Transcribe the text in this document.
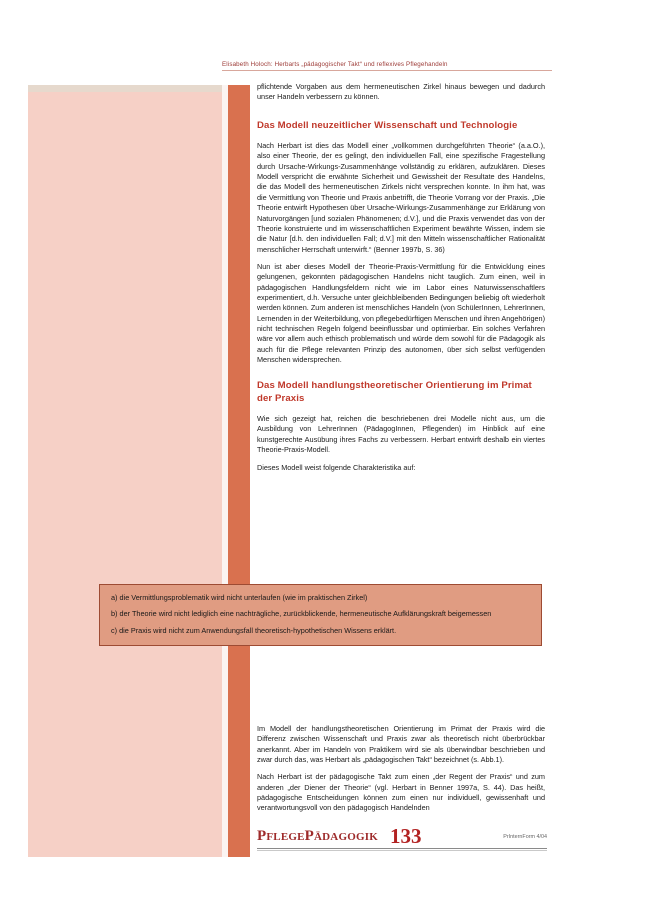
Elisabeth Holoch: Herbarts „pädagogischer Takt“ und reflexives Pflegehandeln

pflichtende Vorgaben aus dem hermeneutischen Zirkel hinaus bewegen und dadurch unser Handeln verbessern zu können.

Das Modell neuzeitlicher Wissenschaft und Technologie

Nach Herbart ist dies das Modell einer „vollkommen durchgeführten Theorie“ (a.a.O.), also einer Theorie, der es gelingt, den individuellen Fall, eine spezifische Fragestellung durch Ursache-Wirkungs-Zusammenhänge vollständig zu erklären, aufzuklären. Dieses Modell verspricht die erwähnte Sicherheit und Gewissheit der Resultate des Handelns, die das Modell des hermeneutischen Zirkels nicht versprechen konnte. In ihm hat, was die Vermittlung von Theorie und Praxis anbetrifft, die Theorie Vorrang vor der Praxis. „Die Theorie entwirft Hypothesen über Ursache-Wirkungs-Zusammenhänge zur Erklärung von Naturvorgängen [und sozialen Phänomenen; d.V.], und die Praxis verwendet das von der Theorie konstruierte und im wissenschaftlichen Experiment bewährte Wissen, indem sie die Natur [d.h. den individuellen Fall; d.V.] mit den Mitteln wissenschaftlicher Rationalität menschlicher Herrschaft unterwirft.“ (Benner 1997b, S. 36)

Nun ist aber dieses Modell der Theorie-Praxis-Vermittlung für die Entwicklung eines gelungenen, gekonnten pädagogischen Handelns nicht tauglich. Zum einen, weil in pädagogischen Handlungsfeldern nicht wie im Labor eines Naturwissenschaftlers experimentiert, d.h. Versuche unter gleichbleibenden Bedingungen beliebig oft wiederholt werden können. Zum anderen ist menschliches Handeln (von SchülerInnen, LehrerInnen, Lernenden in der Weiterbildung, von pflegebedürftigen Menschen und ihren Angehörigen) nicht technischen Regeln folgend beeinflussbar und optimierbar. Ein solches Verfahren wäre vor allem auch ethisch problematisch und würde dem sowohl für die Pädagogik als auch für die Pflege relevanten Prinzip des autonomen, über sich selbst verfügenden Menschen widersprechen.

Das Modell handlungstheoretischer Orientierung im Primat der Praxis

Wie sich gezeigt hat, reichen die beschriebenen drei Modelle nicht aus, um die Ausbildung von LehrerInnen (PädagogInnen, Pflegenden) im Hinblick auf eine kunstgerechte Ausübung ihres Fachs zu verbessern. Herbart entwirft deshalb ein viertes Theorie-Praxis-Modell.

Dieses Modell weist folgende Charakteristika auf:

a) die Vermittlungsproblematik wird nicht unterlaufen (wie im praktischen Zirkel)

b) der Theorie wird nicht lediglich eine nachträgliche, zurückblickende, hermeneutische Aufklärungskraft beigemessen

c) die Praxis wird nicht zum Anwendungsfall theoretisch-hypothetischen Wissens erklärt.

Im Modell der handlungstheoretischen Orientierung im Primat der Praxis wird die Differenz zwischen Wissenschaft und Praxis zwar als theoretisch nicht überbrückbar anerkannt. Aber im Handeln von Praktikern wird sie als überwindbar beschrieben und zwar durch das, was Herbart als „pädagogischen Takt“ bezeichnet (s. Abb.1).

Nach Herbart ist der pädagogische Takt zum einen „der Regent der Praxis“ und zum anderen „der Diener der Theorie“ (vgl. Herbart in Benner 1997a, S. 44). Das heißt, pädagogische Entscheidungen können zum einen nur individuell, gewissenhaft und verantwortungsvoll von den pädagogisch Handelnden

PflegePädagogik 133	PrInternForm 4/04
